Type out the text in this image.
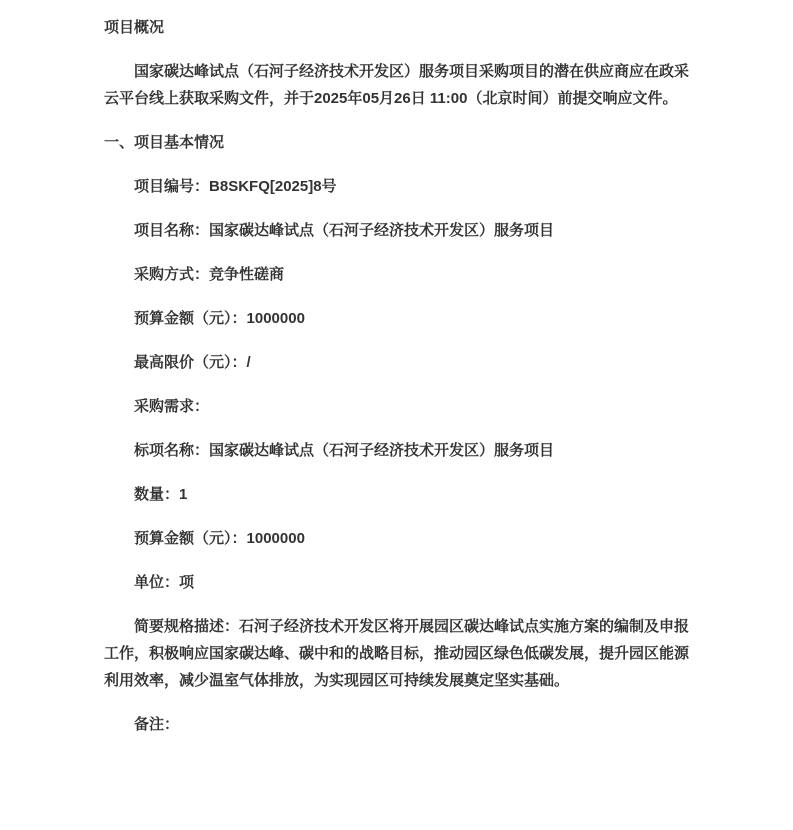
项目概况

国家碳达峰试点（石河子经济技术开发区）服务项目采购项目的潜在供应商应在政采云平台线上获取采购文件，并于2025年05月26日 11:00（北京时间）前提交响应文件。

一、项目基本情况

项目编号：B8SKFQ[2025]8号

项目名称：国家碳达峰试点（石河子经济技术开发区）服务项目

采购方式：竞争性磋商

预算金额（元）：1000000

最高限价（元）：/

采购需求：

标项名称：国家碳达峰试点（石河子经济技术开发区）服务项目

数量：1

预算金额（元）：1000000

单位：项

简要规格描述：石河子经济技术开发区将开展园区碳达峰试点实施方案的编制及申报工作，积极响应国家碳达峰、碳中和的战略目标，推动园区绿色低碳发展，提升园区能源利用效率，减少温室气体排放，为实现园区可持续发展奠定坚实基础。

备注：
